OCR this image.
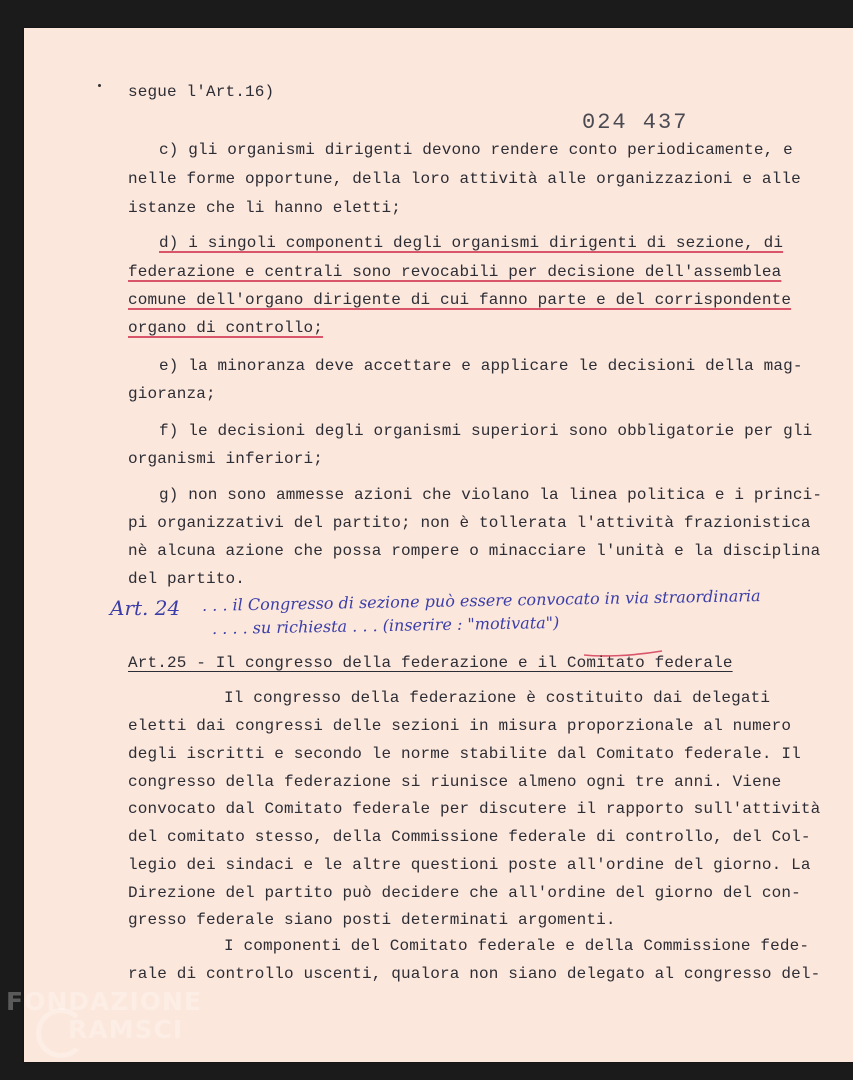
024 437
segue l'Art.16)
c) gli organismi dirigenti devono rendere conto periodicamente, e
nelle forme opportune, della loro attività alle organizzazioni e alle
istanze che li hanno eletti;
d) i singoli componenti degli organismi dirigenti di sezione, di
federazione e centrali sono revocabili per decisione dell'assemblea
comune dell'organo dirigente di cui fanno parte e del corrispondente
organo di controllo;
e) la minoranza deve accettare e applicare le decisioni della mag-
gioranza;
f) le decisioni degli organismi superiori sono obbligatorie per gli
organismi inferiori;
g) non sono ammesse azioni che violano la linea politica e i princi-
pi organizzativi del partito; non è tollerata l'attività frazionistica
nè alcuna azione che possa rompere o minacciare l'unità e la disciplina
del partito.
Art. 24 . . . il Congresso di sezione può essere convocato in via straordinaria
. . . . su richiesta . . . (inserire : "motivata")
Art.25 - Il congresso della federazione e il Comitato federale
Il congresso della federazione è costituito dai delegati
eletti dai congressi delle sezioni in misura proporzionale al numero
degli iscritti e secondo le norme stabilite dal Comitato federale. Il
congresso della federazione si riunisce almeno ogni tre anni. Viene
convocato dal Comitato federale per discutere il rapporto sull'attività
del comitato stesso, della Commissione federale di controllo, del Col-
legio dei sindaci e le altre questioni poste all'ordine del giorno. La
Direzione del partito può decidere che all'ordine del giorno del con-
gresso federale siano posti determinati argomenti.
I componenti del Comitato federale e della Commissione fede-
rale di controllo uscenti, qualora non siano delegato al congresso del-
FONDAZIONE
RAMSCI
